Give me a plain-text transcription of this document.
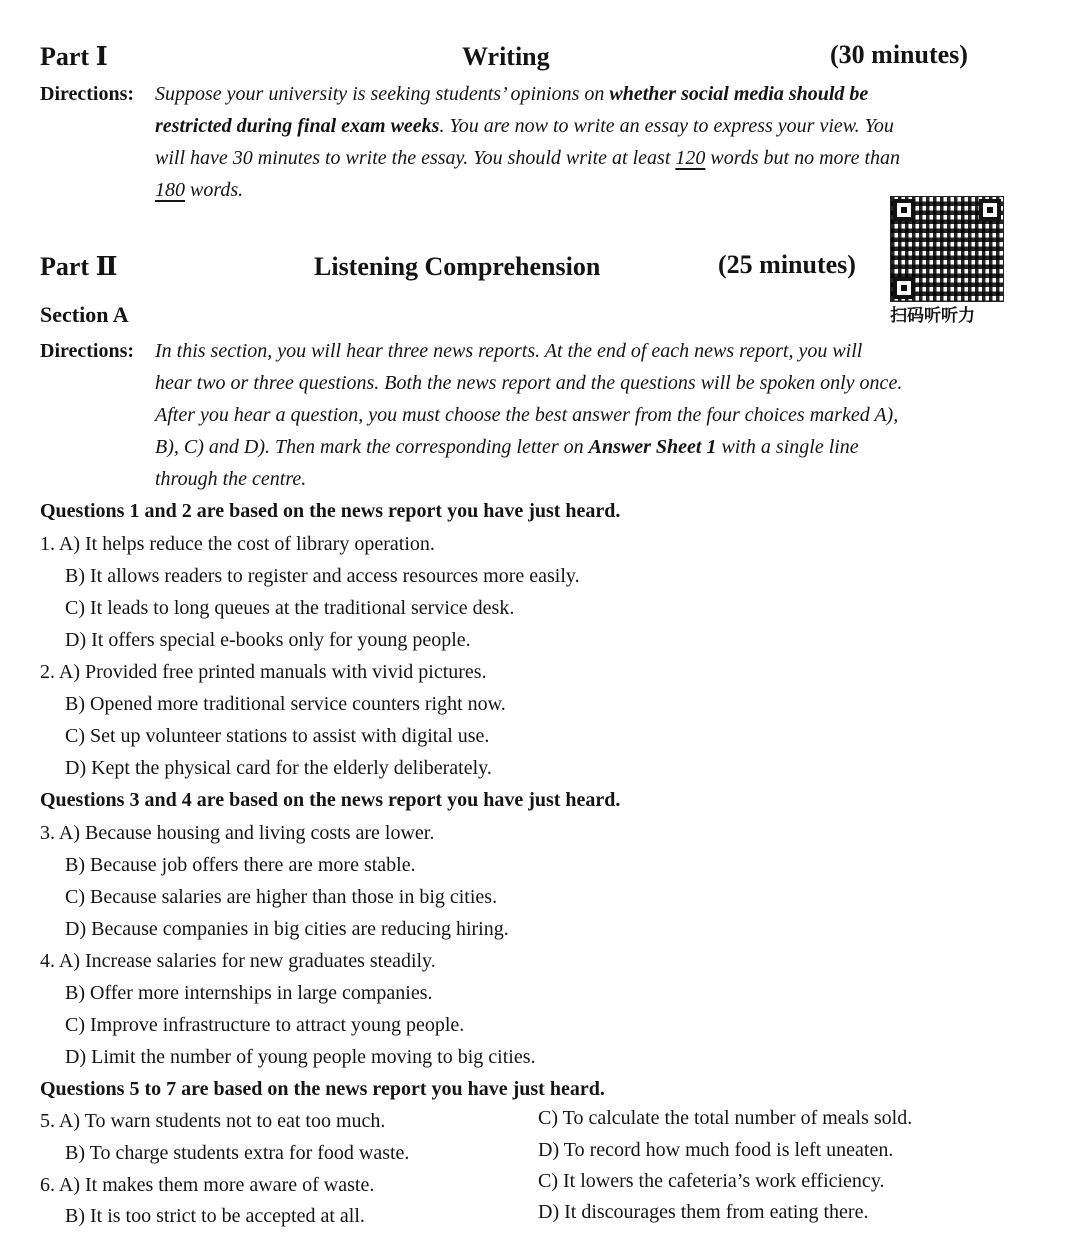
Part Ⅰ	Writing	(30 minutes)
Directions: Suppose your university is seeking students’ opinions on whether social media should be
restricted during final exam weeks. You are now to write an essay to express your view. You
will have 30 minutes to write the essay. You should write at least 120 words but no more than
180 words.
扫码听听力
Part Ⅱ	Listening Comprehension	(25 minutes)
Section A
Directions: In this section, you will hear three news reports. At the end of each news report, you will
hear two or three questions. Both the news report and the questions will be spoken only once.
After you hear a question, you must choose the best answer from the four choices marked A),
B), C) and D). Then mark the corresponding letter on Answer Sheet 1 with a single line
through the centre.
Questions 1 and 2 are based on the news report you have just heard.
1. A) It helps reduce the cost of library operation.
B) It allows readers to register and access resources more easily.
C) It leads to long queues at the traditional service desk.
D) It offers special e-books only for young people.
2. A) Provided free printed manuals with vivid pictures.
B) Opened more traditional service counters right now.
C) Set up volunteer stations to assist with digital use.
D) Kept the physical card for the elderly deliberately.
Questions 3 and 4 are based on the news report you have just heard.
3. A) Because housing and living costs are lower.
B) Because job offers there are more stable.
C) Because salaries are higher than those in big cities.
D) Because companies in big cities are reducing hiring.
4. A) Increase salaries for new graduates steadily.
B) Offer more internships in large companies.
C) Improve infrastructure to attract young people.
D) Limit the number of young people moving to big cities.
Questions 5 to 7 are based on the news report you have just heard.
5. A) To warn students not to eat too much.	C) To calculate the total number of meals sold.
B) To charge students extra for food waste.	D) To record how much food is left uneaten.
6. A) It makes them more aware of waste.	C) It lowers the cafeteria’s work efficiency.
B) It is too strict to be accepted at all.	D) It discourages them from eating there.
